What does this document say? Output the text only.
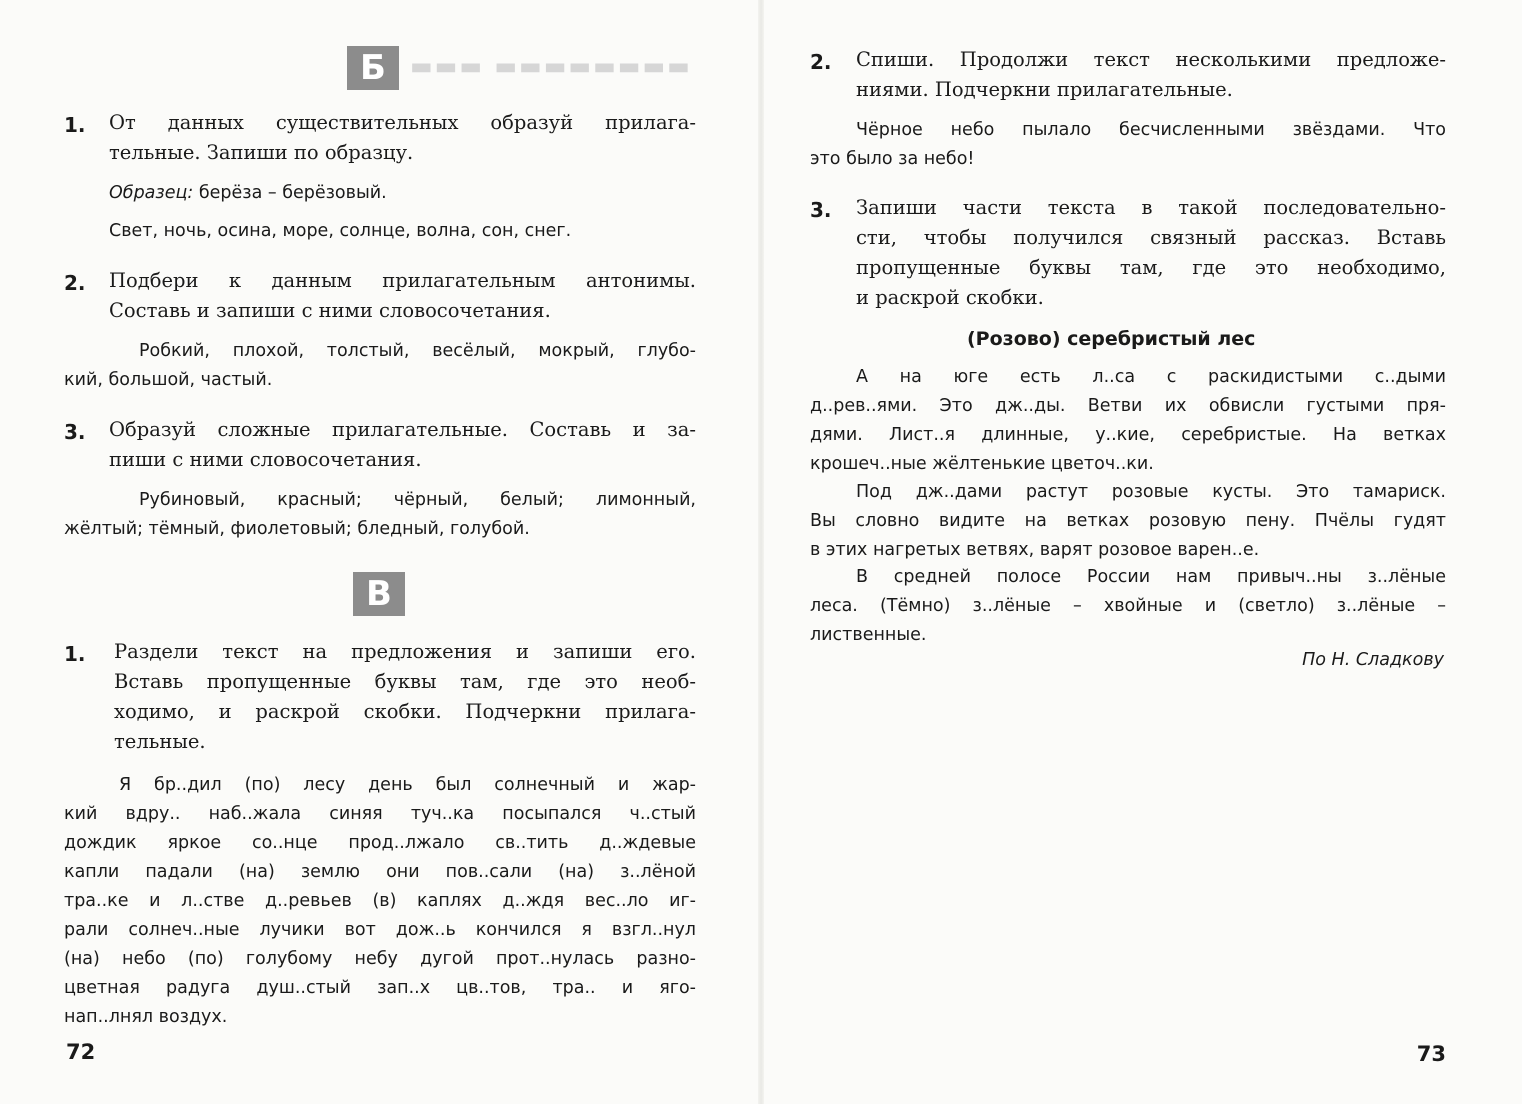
▬▬▬ ▬▬▬▬▬▬▬▬
Б
1. От данных существительных образуй прилага-
тельные. Запиши по образцу.
Образец: берёза – берёзовый.
Свет, ночь, осина, море, солнце, волна, сон, снег.
2. Подбери к данным прилагательным антонимы.
Составь и запиши с ними словосочетания.
Робкий, плохой, толстый, весёлый, мокрый, глубо-
кий, большой, частый.
3. Образуй сложные прилагательные. Составь и за-
пиши с ними словосочетания.
Рубиновый, красный; чёрный, белый; лимонный,
жёлтый; тёмный, фиолетовый; бледный, голубой.
В
1. Раздели текст на предложения и запиши его.
Вставь пропущенные буквы там, где это необ-
ходимо, и раскрой скобки. Подчеркни прилага-
тельные.
Я бр..дил (по) лесу день был солнечный и жар-
кий вдру.. наб..жала синяя туч..ка посыпался ч..стый
дождик яркое со..нце прод..лжало св..тить д..ждевые
капли падали (на) землю они пов..сали (на) з..лёной
тра..ке и л..стве д..ревьев (в) каплях д..ждя вес..ло иг-
рали солнеч..ные лучики вот дож..ь кончился я взгл..нул
(на) небо (по) голубому небу дугой прот..нулась разно-
цветная радуга душ..стый зап..х цв..тов, тра.. и яго-
нап..лнял воздух.
72
2. Спиши. Продолжи текст несколькими предложе-
ниями. Подчеркни прилагательные.
Чёрное небо пылало бесчисленными звёздами. Что
это было за небо!
3. Запиши части текста в такой последовательно-
сти, чтобы получился связный рассказ. Вставь
пропущенные буквы там, где это необходимо,
и раскрой скобки.
(Розово) серебристый лес
А на юге есть л..са с раскидистыми с..дыми
д..рев..ями. Это дж..ды. Ветви их обвисли густыми пря-
дями. Лист..я длинные, у..кие, серебристые. На ветках
крошеч..ные жёлтенькие цветоч..ки.
Под дж..дами растут розовые кусты. Это тамариск.
Вы словно видите на ветках розовую пену. Пчёлы гудят
в этих нагретых ветвях, варят розовое варен..е.
В средней полосе России нам привыч..ны з..лёные
леса. (Тёмно) з..лёные – хвойные и (светло) з..лёные –
лиственные.
По Н. Сладкову
73
